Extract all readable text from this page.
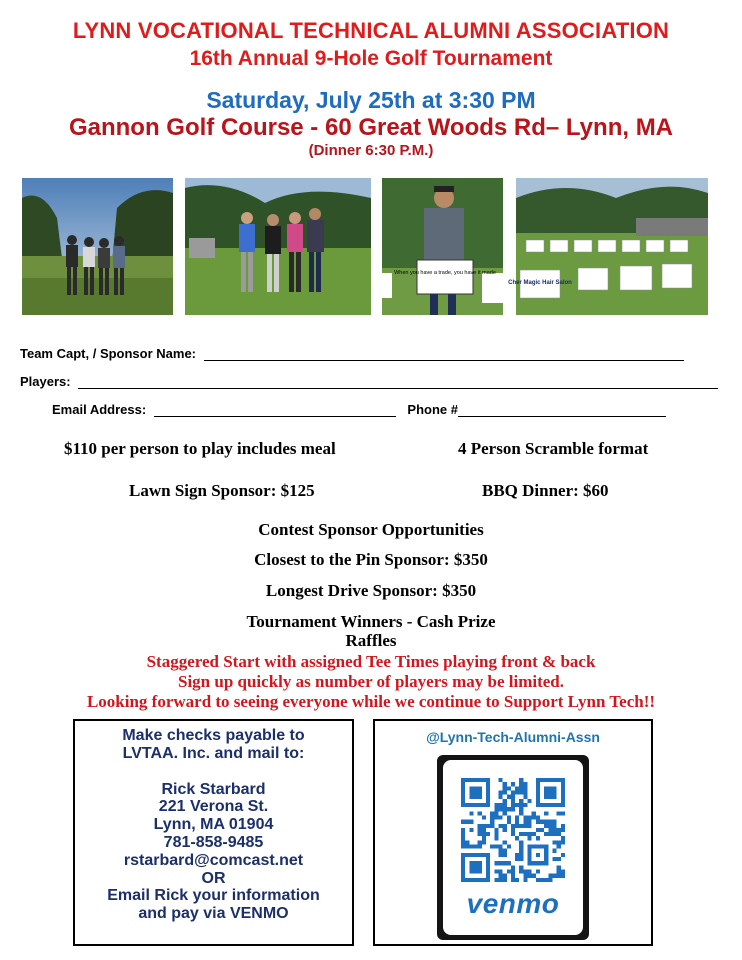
LYNN VOCATIONAL TECHNICAL ALUMNI ASSOCIATION
16th Annual 9-Hole Golf Tournament
Saturday, July 25th at 3:30 PM
Gannon Golf Course - 60 Great Woods Rd– Lynn, MA
(Dinner 6:30 P.M.)
When you have a trade, you have it made
Cher Magic Hair Salon
Team Capt, / Sponsor Name:
Players:
Email Address:	Phone #
$110 per person to play includes meal	4 Person Scramble format
Lawn Sign Sponsor: $125	BBQ Dinner: $60
Contest Sponsor Opportunities
Closest to the Pin Sponsor: $350
Longest Drive Sponsor: $350
Tournament Winners - Cash Prize
Raffles
Staggered Start with assigned Tee Times playing front & back
Sign up quickly as number of players may be limited.
Looking forward to seeing everyone while we continue to Support Lynn Tech!!
Make checks payable to
LVTAA. Inc. and mail to:
Rick Starbard
221 Verona St.
Lynn, MA 01904
781-858-9485
rstarbard@comcast.net
OR
Email Rick your information
and pay via VENMO
@Lynn-Tech-Alumni-Assn
venmo
